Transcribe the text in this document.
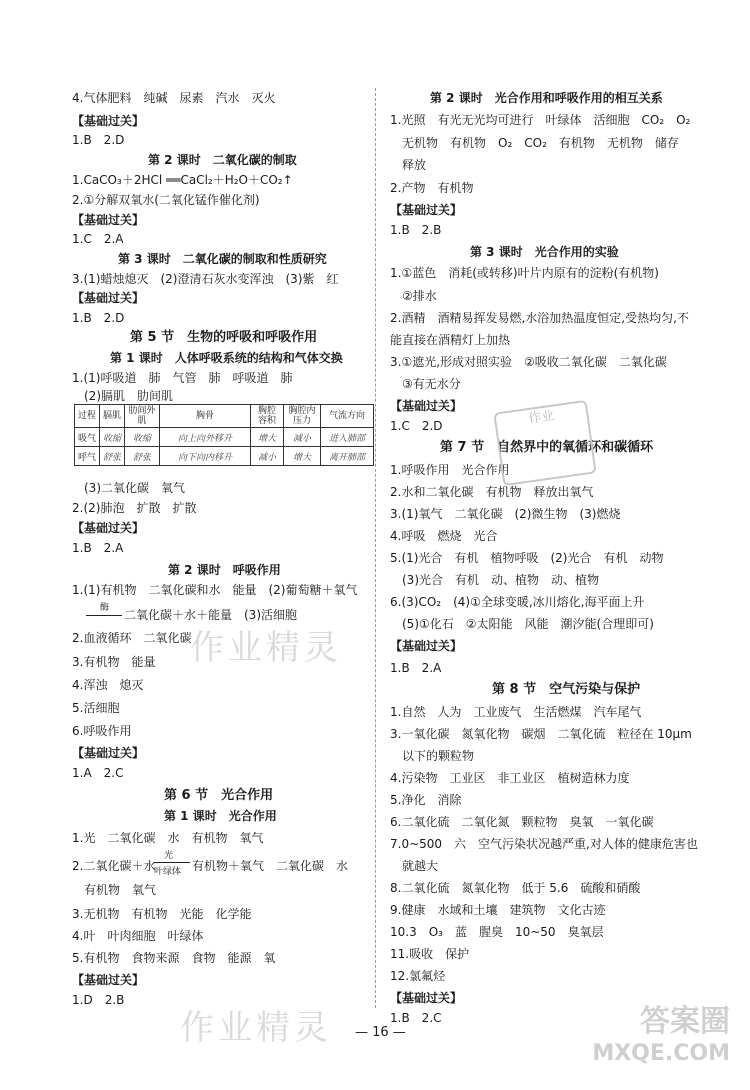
4.气体肥料　纯碱　尿素　汽水　灭火
【基础过关】
1.B　2.D
第 2 课时　二氧化碳的制取
1.CaCO₃＋2HCl ══CaCl₂＋H₂O＋CO₂↑
2.①分解双氧水(二氧化锰作催化剂)
【基础过关】
1.C　2.A
第 3 课时　二氧化碳的制取和性质研究
3.(1)蜡烛熄灭　(2)澄清石灰水变浑浊　(3)紫　红
【基础过关】
1.B　2.D
第 5 节　生物的呼吸和呼吸作用
第 1 课时　人体呼吸系统的结构和气体交换
1.(1)呼吸道　肺　气管　肺　呼吸道　肺
(2)膈肌　肋间肌
过程	膈肌	肋间外肌	胸骨	胸腔容积	胸腔内压力	气流方向
吸气	收缩	收缩	向上向外移升	增大	减小	进入肺部
呼气	舒张	舒张	向下向内移升	减小	增大	离开肺部
(3)二氧化碳　氧气
2.(2)肺泡　扩散　扩散
【基础过关】
1.B　2.A
第 2 课时　呼吸作用
1.(1)有机物　二氧化碳和水　能量　(2)葡萄糖＋氧气
酶 二氧化碳＋水＋能量　(3)活细胞
2.血液循环　二氧化碳
3.有机物　能量
4.浑浊　熄灭
5.活细胞
6.呼吸作用
【基础过关】
1.A　2.C
第 6 节　光合作用
第 1 课时　光合作用
1.光　二氧化碳　水　有机物　氧气
2.二氧化碳＋水
光
叶绿体 有机物＋氧气　二氧化碳　水
有机物　氧气
3.无机物　有机物　光能　化学能
4.叶　叶肉细胞　叶绿体
5.有机物　食物来源　食物　能源　氧
【基础过关】
1.D　2.B
第 2 课时　光合作用和呼吸作用的相互关系
1.光照　有光无光均可进行　叶绿体　活细胞　CO₂　O₂
无机物　有机物　O₂　CO₂　有机物　无机物　储存
释放
2.产物　有机物
【基础过关】
1.B　2.B
第 3 课时　光合作用的实验
1.①蓝色　消耗(或转移)叶片内原有的淀粉(有机物)
②排水
2.酒精　酒精易挥发易燃,水浴加热温度恒定,受热均匀,不
能直接在酒精灯上加热
3.①遮光,形成对照实验　②吸收二氧化碳　二氧化碳
③有无水分
【基础过关】
1.C　2.D
第 7 节　自然界中的氧循环和碳循环
1.呼吸作用　光合作用
2.水和二氧化碳　有机物　释放出氧气
3.(1)氧气　二氧化碳　(2)微生物　(3)燃烧
4.呼吸　燃烧　光合
5.(1)光合　有机　植物呼吸　(2)光合　有机　动物
(3)光合　有机　动、植物　动、植物
6.(3)CO₂　(4)①全球变暖,冰川熔化,海平面上升
(5)①化石　②太阳能　风能　潮汐能(合理即可)
【基础过关】
1.B　2.A
第 8 节　空气污染与保护
1.自然　人为　工业废气　生活燃煤　汽车尾气
3.一氧化碳　氮氧化物　碳烟　二氧化硫　粒径在 10μm
以下的颗粒物
4.污染物　工业区　非工业区　植树造林力度
5.净化　消除
6.二氧化硫　二氧化氮　颗粒物　臭氧　一氧化碳
7.0~500　六　空气污染状况越严重,对人体的健康危害也
就越大
8.二氧化硫　氮氧化物　低于 5.6　硫酸和硝酸
9.健康　水域和土壤　建筑物　文化古迹
10.3　O₃　蓝　腥臭　10~50　臭氧层
11.吸收　保护
12.氯氟烃
【基础过关】
1.B　2.C
作业精灵
作业精灵
作业
答案圈
MXQE.COM
— 16 —
